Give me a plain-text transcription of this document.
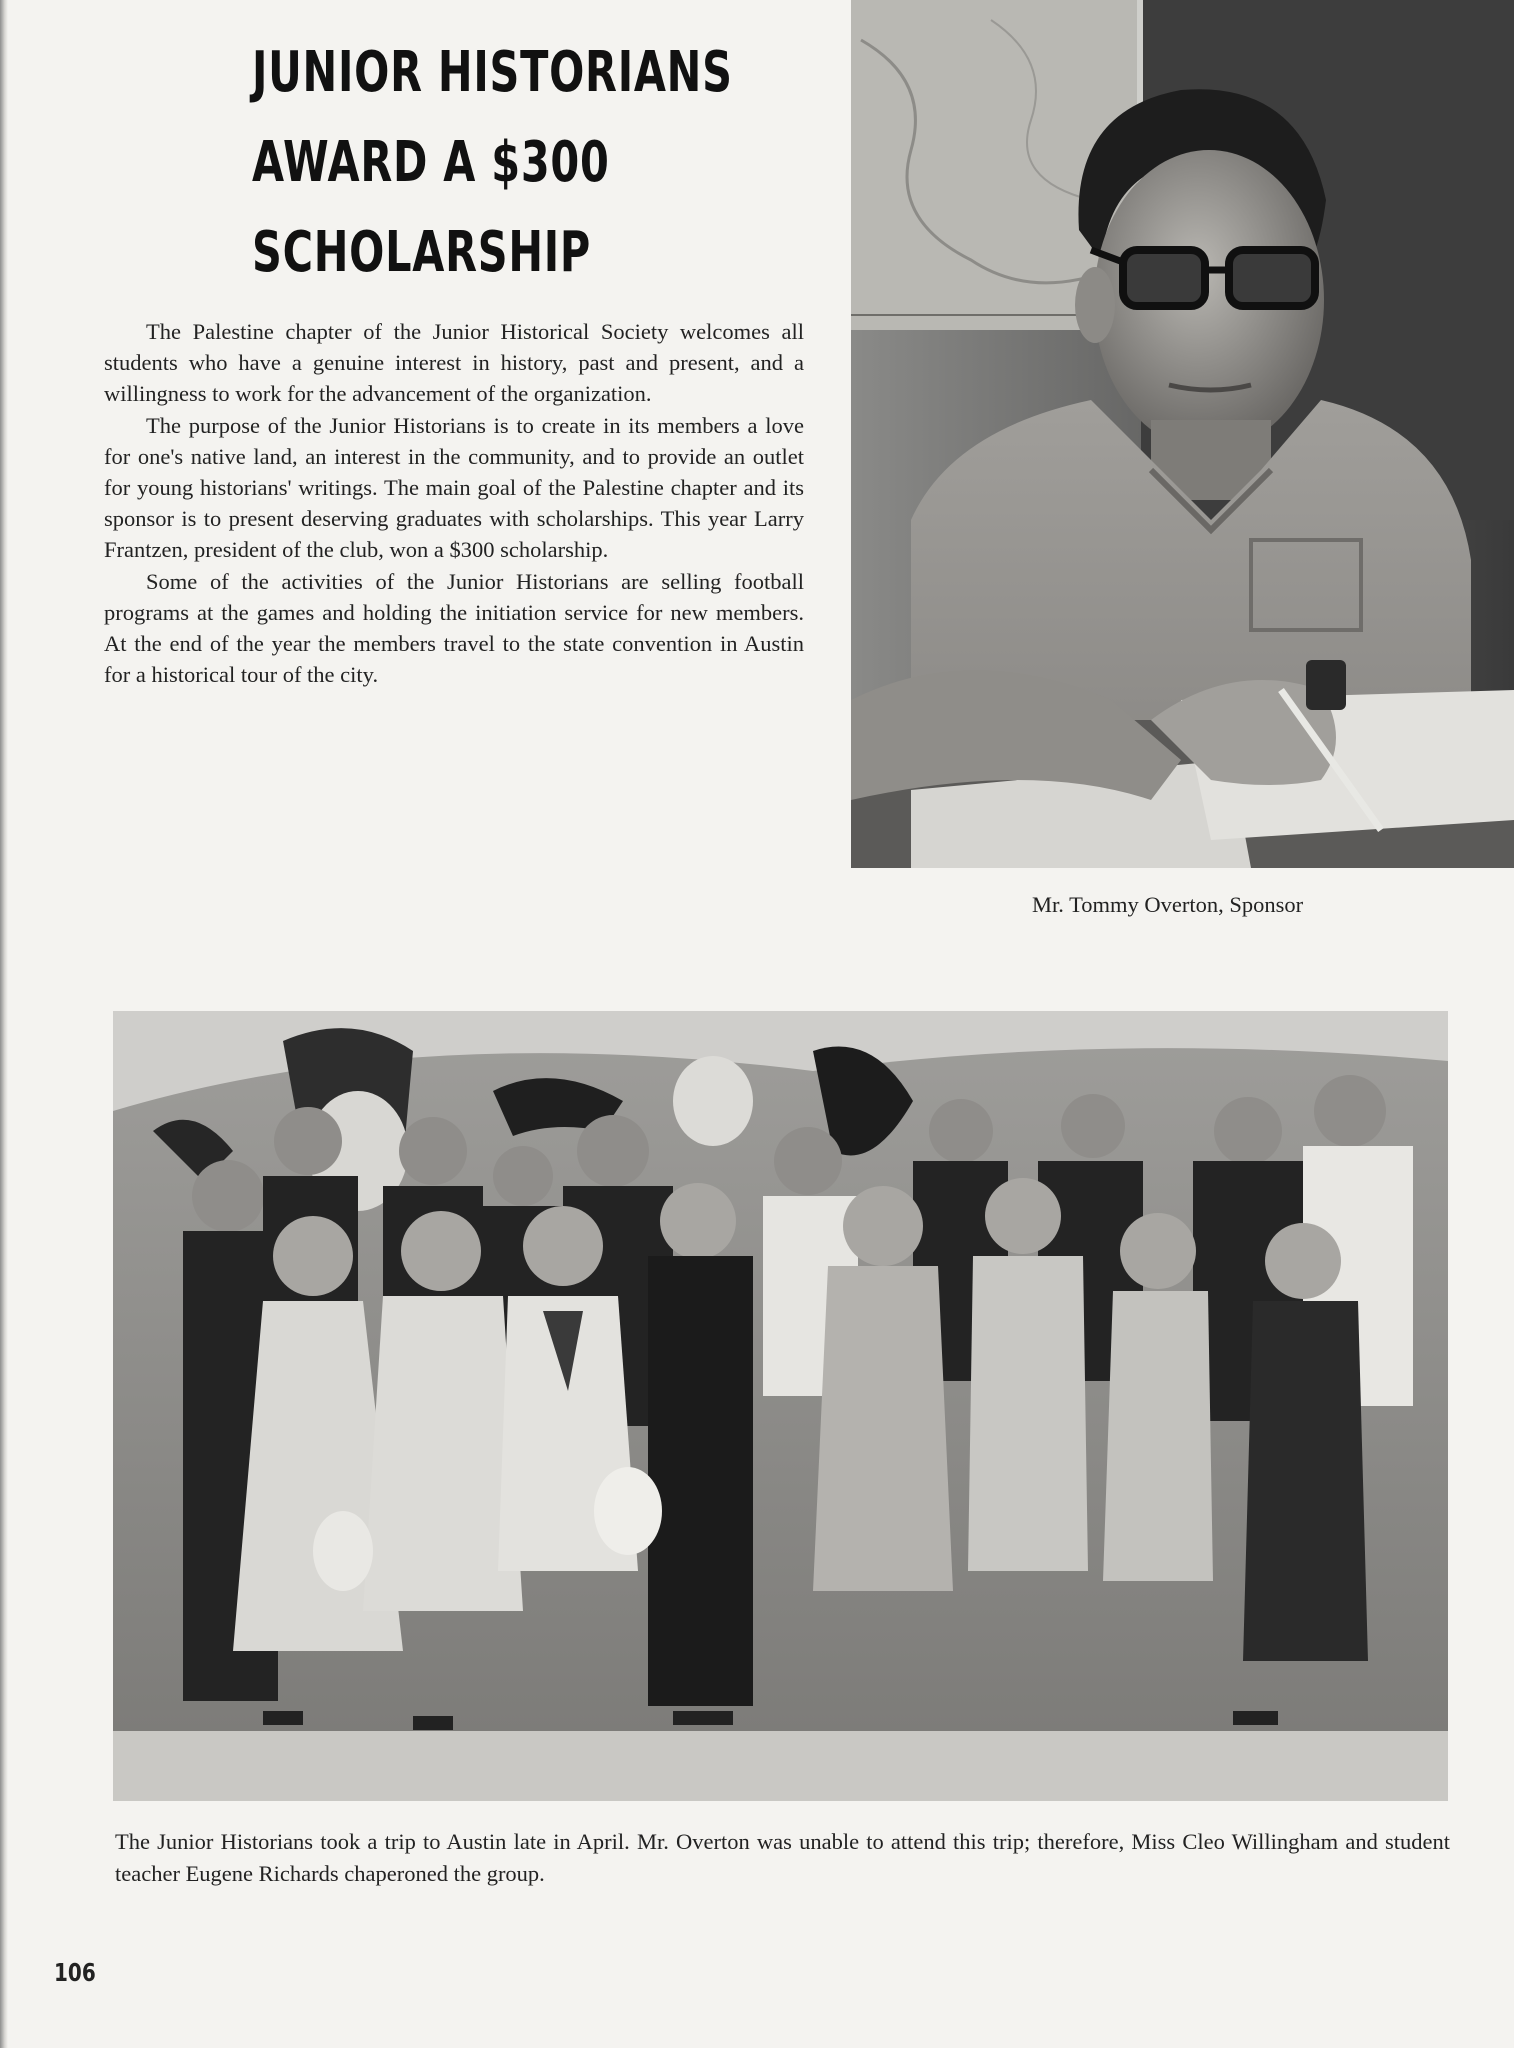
JUNIOR HISTORIANS
AWARD A $300
SCHOLARSHIP

The Palestine chapter of the Junior Historical Society welcomes all students who have a genuine interest in history, past and present, and a willingness to work for the advancement of the organization.

The purpose of the Junior Historians is to create in its members a love for one's native land, an interest in the community, and to provide an outlet for young historians' writings. The main goal of the Palestine chapter and its sponsor is to present deserving graduates with scholarships. This year Larry Frantzen, president of the club, won a $300 scholarship.

Some of the activities of the Junior Historians are selling football programs at the games and holding the initiation service for new members. At the end of the year the members travel to the state convention in Austin for a historical tour of the city.

Mr. Tommy Overton, Sponsor
The Junior Historians took a trip to Austin late in April. Mr. Overton was unable to attend this trip; therefore, Miss Cleo Willingham and student teacher Eugene Richards chaperoned the group.
106
